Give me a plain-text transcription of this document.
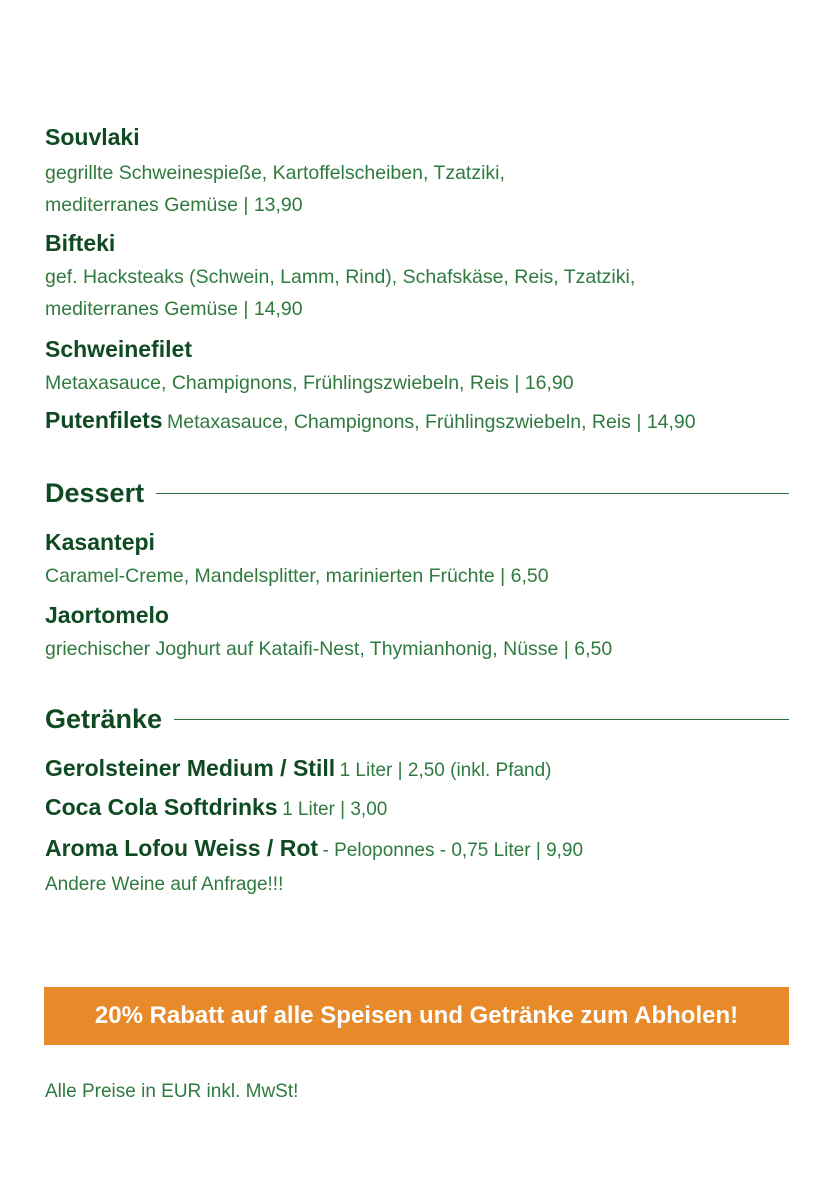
Souvlaki
gegrillte Schweinespieße, Kartoffelscheiben, Tzatziki,
mediterranes Gemüse | 13,90
Bifteki
gef. Hacksteaks (Schwein, Lamm, Rind), Schafskäse, Reis, Tzatziki,
mediterranes Gemüse | 14,90
Schweinefilet
Metaxasauce, Champignons, Frühlingszwiebeln, Reis | 16,90
Putenfilets Metaxasauce, Champignons, Frühlingszwiebeln, Reis | 14,90
Dessert
Kasantepi
Caramel-Creme, Mandelsplitter, marinierten Früchte | 6,50
Jaortomelo
griechischer Joghurt auf Kataifi-Nest, Thymianhonig, Nüsse | 6,50
Getränke
Gerolsteiner Medium / Still 1 Liter | 2,50 (inkl. Pfand)
Coca Cola Softdrinks 1 Liter | 3,00
Aroma Lofou Weiss / Rot - Peloponnes - 0,75 Liter | 9,90
Andere Weine auf Anfrage!!!
20% Rabatt auf alle Speisen und Getränke zum Abholen!
Alle Preise in EUR inkl. MwSt!
